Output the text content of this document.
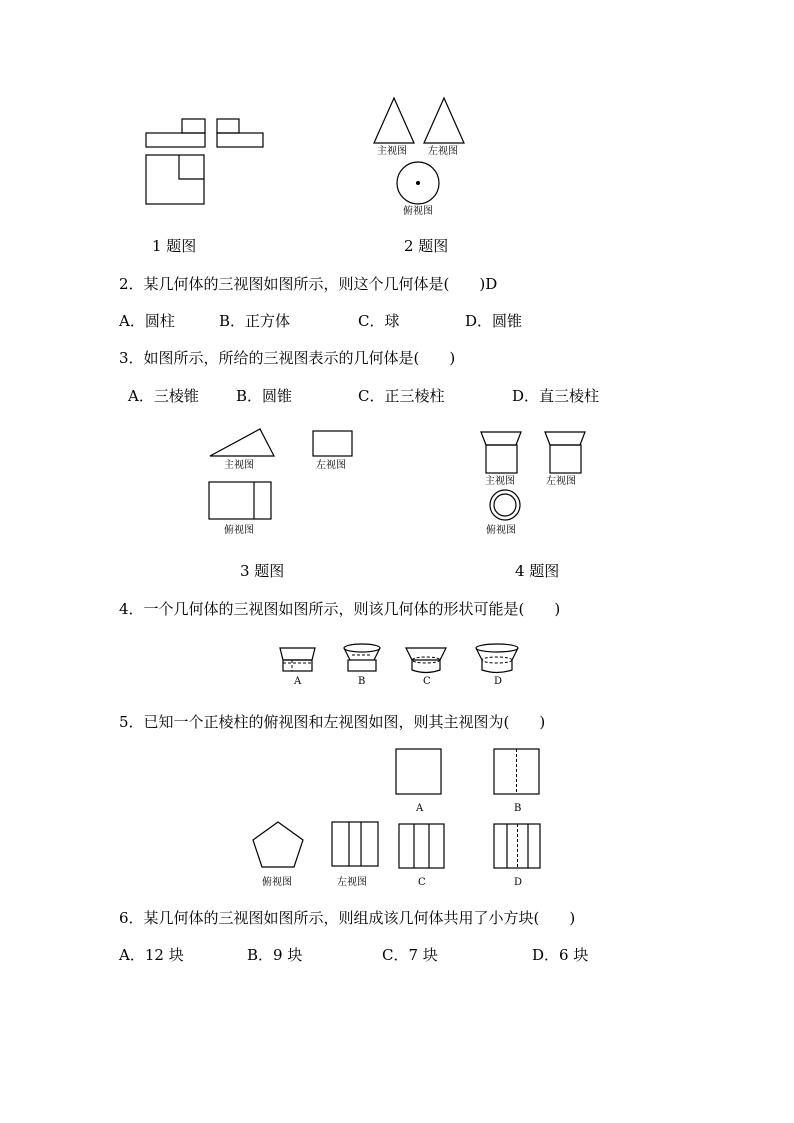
主视图 左视图
俯视图
1 题图	2 题图
主视图	左视图
俯视图
主视图	左视图
俯视图
3 题图	4 题图
2．某几何体的三视图如图所示，则这个几何体是(　　)D
A．圆柱	B．正方体	C．球	D．圆锥
3．如图所示，所给的三视图表示的几何体是(　　)
A．三棱锥 B．圆锥	C．正三棱柱	D．直三棱柱
4．一个几何体的三视图如图所示，则该几何体的形状可能是(　　)
A	B	C	D
5．已知一个正棱柱的俯视图和左视图如图，则其主视图为(　　)
A	B
俯视图	左视图	C	D
6．某几何体的三视图如图所示，则组成该几何体共用了小方块(　　)
A．12 块	B．9 块	C．7 块	D．6 块
